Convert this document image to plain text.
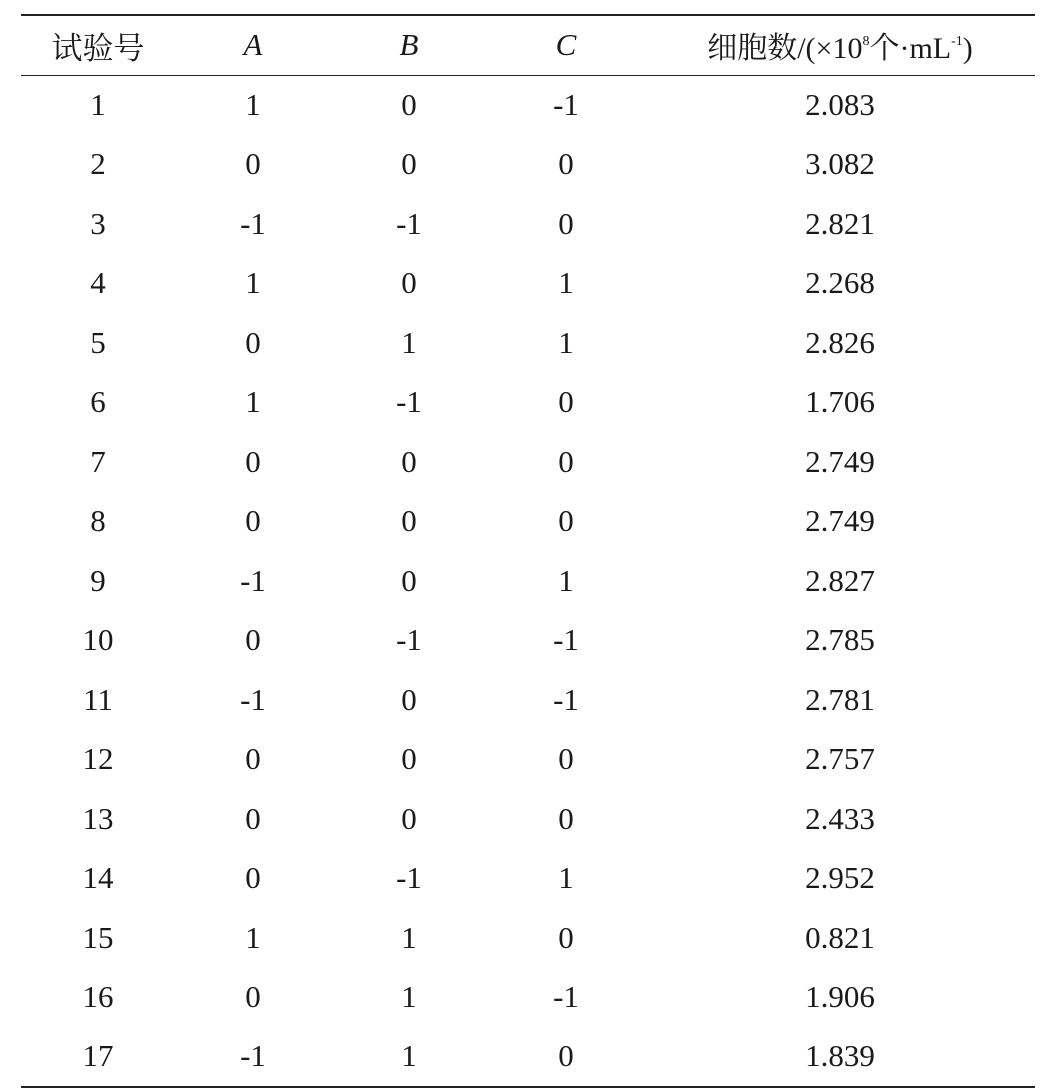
试验号	A	B	C	细胞数$/(\times 10^8$个$\cdot mL^{-1}$)
1	1	0	-1	2.083
2	0	0	0	3.082
3	-1	-1	0	2.821
4	1	0	1	2.268
5	0	1	1	2.826
6	1	-1	0	1.706
7	0	0	0	2.749
8	0	0	0	2.749
9	-1	0	1	2.827
10	0	-1	-1	2.785
11	-1	0	-1	2.781
12	0	0	0	2.757
13	0	0	0	2.433
14	0	-1	1	2.952
15	1	1	0	0.821
16	0	1	-1	1.906
17	-1	1	0	1.839
